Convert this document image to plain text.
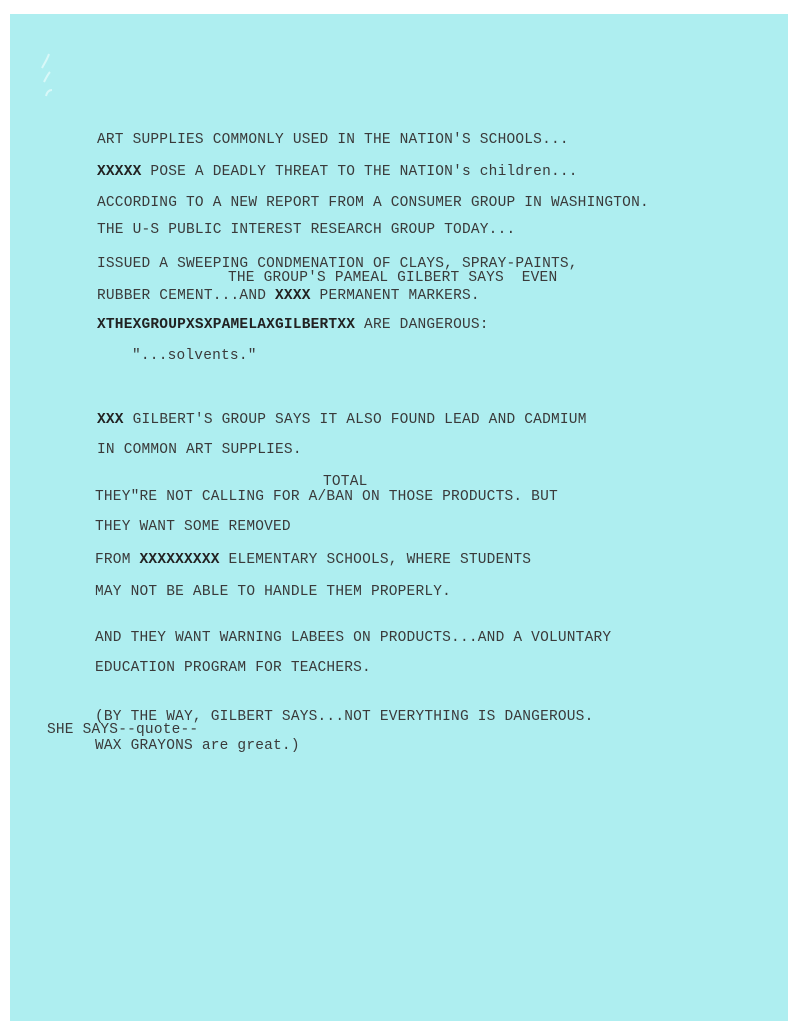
ART SUPPLIES COMMONLY USED IN THE NATION'S SCHOOLS...
XXXXX POSE A DEADLY THREAT TO THE NATION's children...
ACCORDING TO A NEW REPORT FROM A CONSUMER GROUP IN WASHINGTON.
THE U-S PUBLIC INTEREST RESEARCH GROUP TODAY...
ISSUED A SWEEPING CONDMENATION OF CLAYS, SPRAY-PAINTS,
THE GROUP'S PAMEAL GILBERT SAYS  EVEN
RUBBER CEMENT...AND XXXX PERMANENT MARKERS.
XTHEXGROUPXSXPAMELAXGILBERTXX ARE DANGEROUS:
"...solvents."
XXX GILBERT'S GROUP SAYS IT ALSO FOUND LEAD AND CADMIUM
IN COMMON ART SUPPLIES.
TOTAL
THEY"RE NOT CALLING FOR A/BAN ON THOSE PRODUCTS. BUT
THEY WANT SOME REMOVED
FROM XXXXXXXXX ELEMENTARY SCHOOLS, WHERE STUDENTS
MAY NOT BE ABLE TO HANDLE THEM PROPERLY.
AND THEY WANT WARNING LABEES ON PRODUCTS...AND A VOLUNTARY
EDUCATION PROGRAM FOR TEACHERS.
(BY THE WAY, GILBERT SAYS...NOT EVERYTHING IS DANGEROUS.
SHE SAYS--quote--
WAX GRAYONS are great.)
